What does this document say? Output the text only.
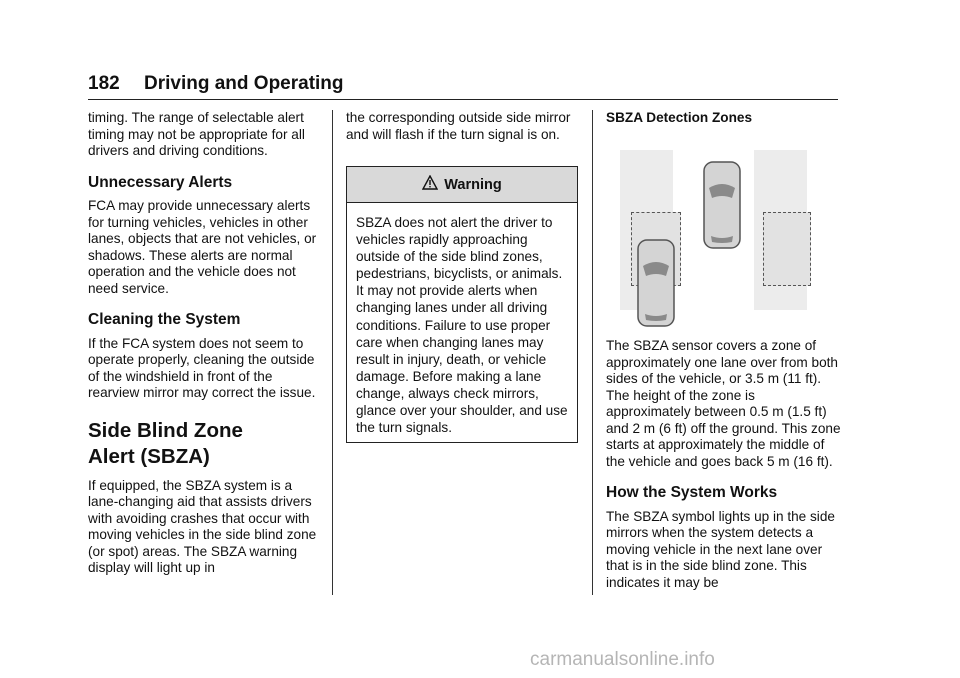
182 Driving and Operating

timing. The range of selectable alert timing may not be appropriate for all drivers and driving conditions.

Unnecessary Alerts

FCA may provide unnecessary alerts for turning vehicles, vehicles in other lanes, objects that are not vehicles, or shadows. These alerts are normal operation and the vehicle does not need service.

Cleaning the System

If the FCA system does not seem to operate properly, cleaning the outside of the windshield in front of the rearview mirror may correct the issue.

Side Blind Zone
Alert (SBZA)

If equipped, the SBZA system is a lane-changing aid that assists drivers with avoiding crashes that occur with moving vehicles in the side blind zone (or spot) areas. The SBZA warning display will light up in

the corresponding outside side mirror and will flash if the turn signal is on.

Warning
SBZA does not alert the driver to vehicles rapidly approaching outside of the side blind zones, pedestrians, bicyclists, or animals. It may not provide alerts when changing lanes under all driving conditions. Failure to use proper care when changing lanes may result in injury, death, or vehicle damage. Before making a lane change, always check mirrors, glance over your shoulder, and use the turn signals.
SBZA Detection Zones

The SBZA sensor covers a zone of approximately one lane over from both sides of the vehicle, or 3.5 m (11 ft). The height of the zone is approximately between 0.5 m (1.5 ft) and 2 m (6 ft) off the ground. This zone starts at approximately the middle of the vehicle and goes back 5 m (16 ft).

How the System Works

The SBZA symbol lights up in the side mirrors when the system detects a moving vehicle in the next lane over that is in the side blind zone. This indicates it may be

carmanualsonline.info
